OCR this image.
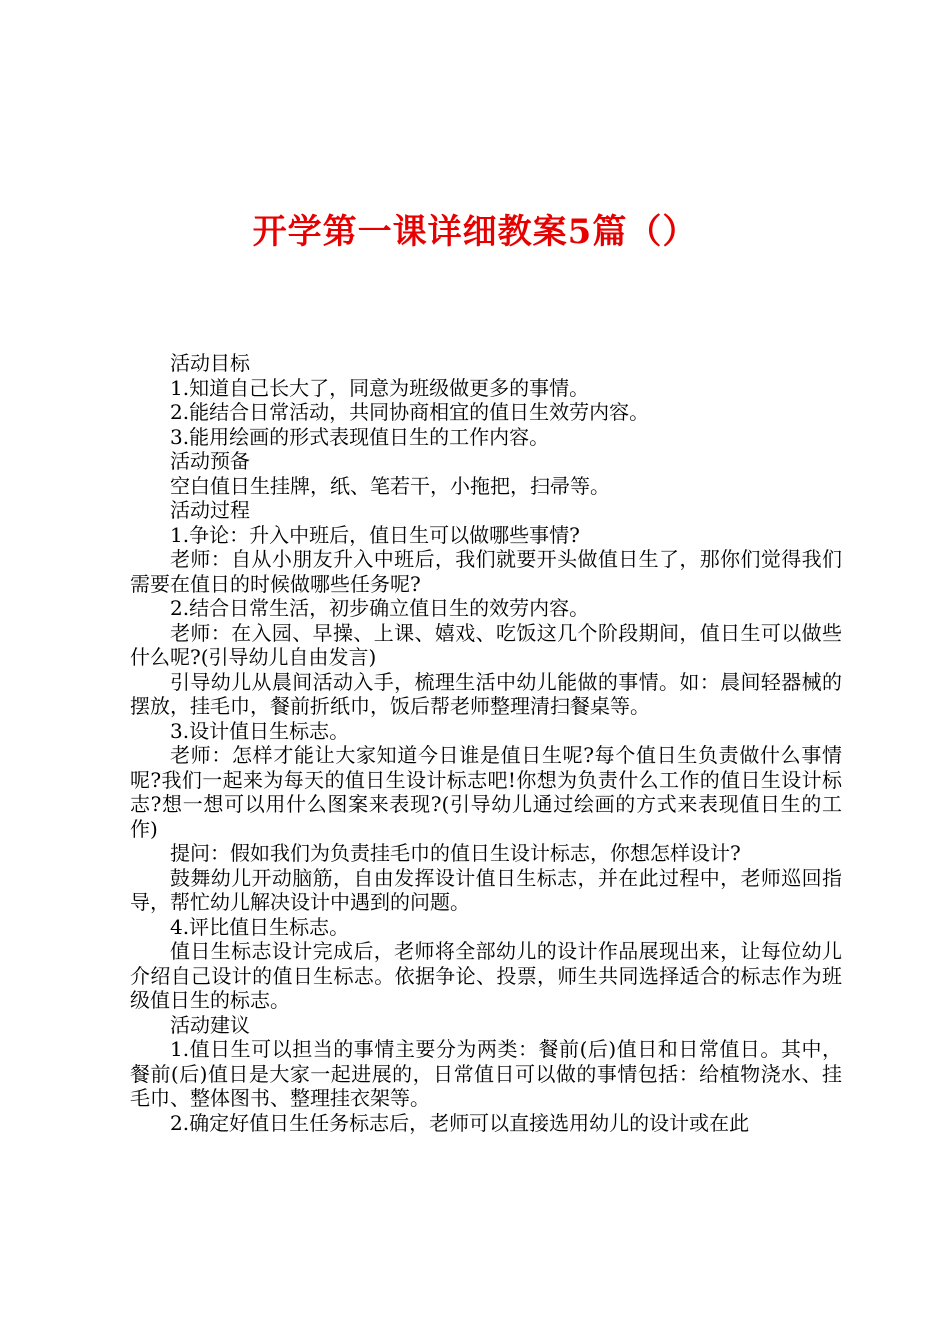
开学第一课详细教案5篇（）

活动目标

1.知道自己长大了，同意为班级做更多的事情。

2.能结合日常活动，共同协商相宜的值日生效劳内容。

3.能用绘画的形式表现值日生的工作内容。

活动预备

空白值日生挂牌，纸、笔若干，小拖把，扫帚等。

活动过程

1.争论：升入中班后，值日生可以做哪些事情?

老师：自从小朋友升入中班后，我们就要开头做值日生了，那你们觉得我们需要在值日的时候做哪些任务呢?

2.结合日常生活，初步确立值日生的效劳内容。

老师：在入园、早操、上课、嬉戏、吃饭这几个阶段期间，值日生可以做些什么呢?(引导幼儿自由发言)

引导幼儿从晨间活动入手，梳理生活中幼儿能做的事情。如：晨间轻器械的摆放，挂毛巾，餐前折纸巾，饭后帮老师整理清扫餐桌等。

3.设计值日生标志。

老师：怎样才能让大家知道今日谁是值日生呢?每个值日生负责做什么事情呢?我们一起来为每天的值日生设计标志吧!你想为负责什么工作的值日生设计标志?想一想可以用什么图案来表现?(引导幼儿通过绘画的方式来表现值日生的工作)

提问：假如我们为负责挂毛巾的值日生设计标志，你想怎样设计?

鼓舞幼儿开动脑筋，自由发挥设计值日生标志，并在此过程中，老师巡回指导，帮忙幼儿解决设计中遇到的问题。

4.评比值日生标志。

值日生标志设计完成后，老师将全部幼儿的设计作品展现出来，让每位幼儿介绍自己设计的值日生标志。依据争论、投票，师生共同选择适合的标志作为班级值日生的标志。

活动建议

1.值日生可以担当的事情主要分为两类：餐前(后)值日和日常值日。其中，餐前(后)值日是大家一起进展的，日常值日可以做的事情包括：给植物浇水、挂毛巾、整体图书、整理挂衣架等。

2.确定好值日生任务标志后，老师可以直接选用幼儿的设计或在此
